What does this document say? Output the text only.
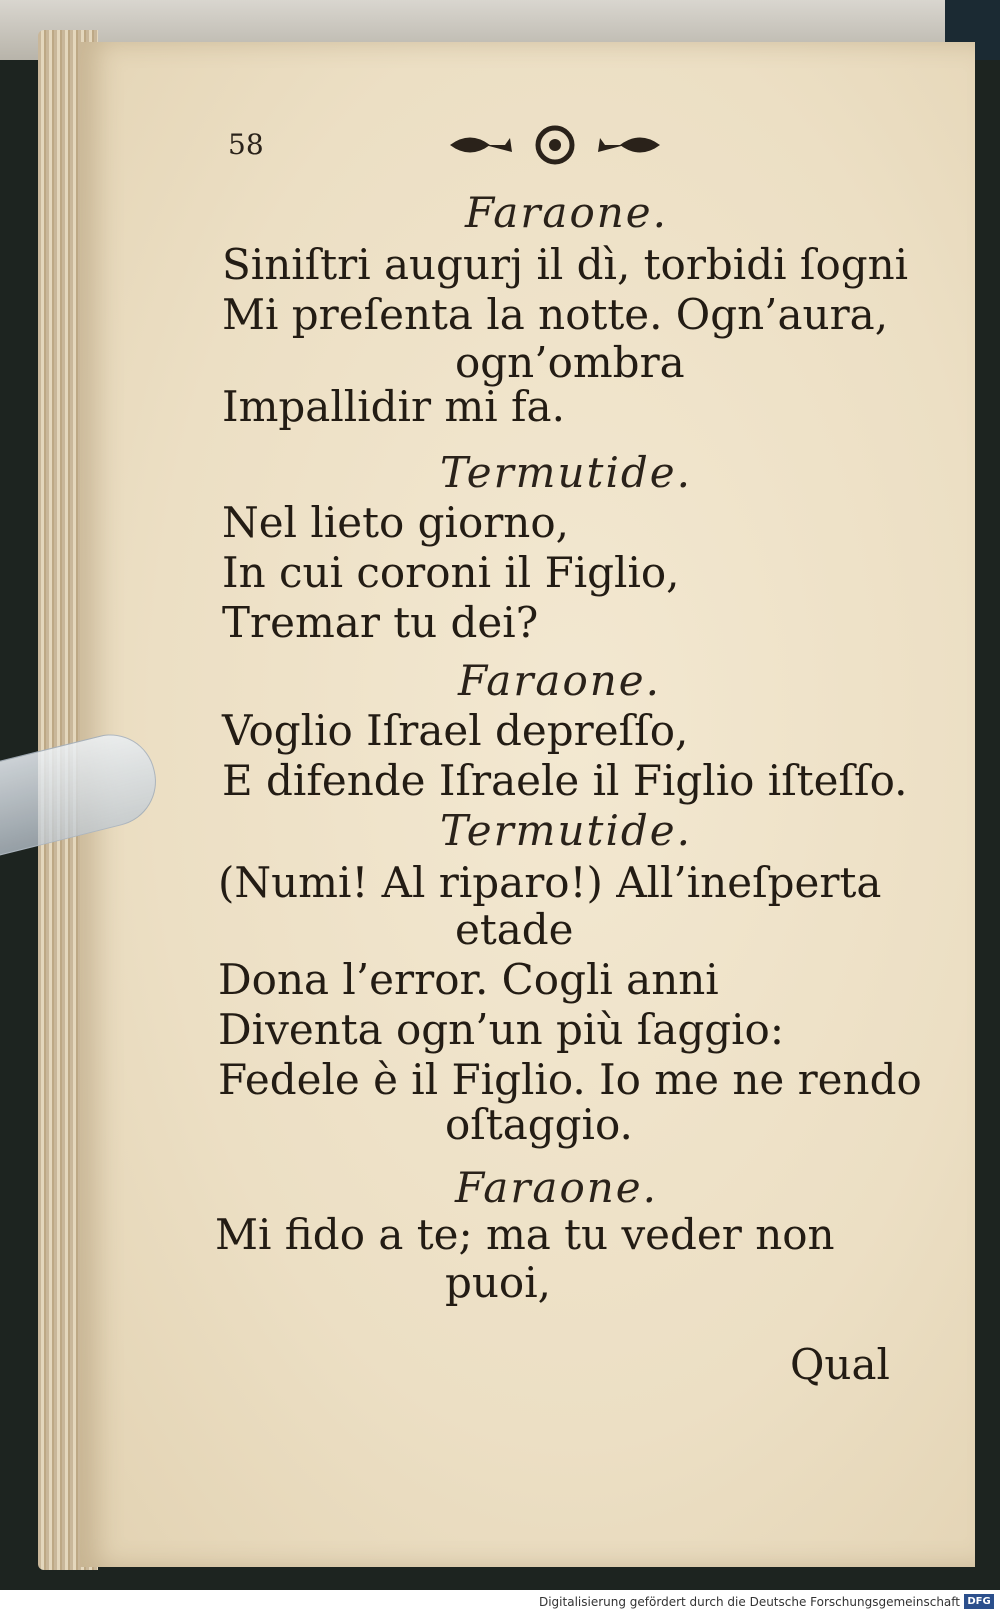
58
Faraone.
Siniſtri augurj il dì, torbidi ſogni
Mi preſenta la notte. Ogn’aura,
ogn’ombra
Impallidir mi fa.
Termutide.
Nel lieto giorno,
In cui coroni il Figlio,
Tremar tu dei?
Faraone.
Voglio Iſrael depreſſo,
E difende Iſraele il Figlio iſteſſo.
Termutide.
(Numi! Al riparo!) All’ineſperta
etade
Dona l’error. Cogli anni
Diventa ogn’un più ſaggio:
Fedele è il Figlio. Io me ne rendo
oſtaggio.
Faraone.
Mi fido a te; ma tu veder non
puoi,
Qual
Digitalisierung gefördert durch die Deutsche Forschungsgemeinschaft DFG
